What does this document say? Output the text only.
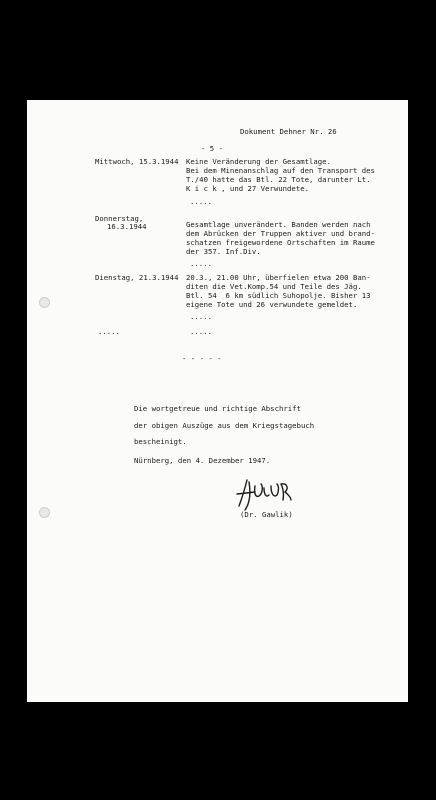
Dokument Dehner Nr. 26
- 5 -
Mittwoch, 15.3.1944 Keine Veränderung der Gesamtlage.
Bei dem Minenanschlag auf den Transport des
T./40 hatte das Btl. 22 Tote, darunter Lt.
K i c k , und 27 Verwundete.
.....
Donnerstag,
16.3.1944	Gesamtlage unverändert. Banden werden nach
dem Abrücken der Truppen aktiver und brand-
schatzen freigewordene Ortschaften im Raume
der 357. Inf.Div.
.....
Dienstag, 21.3.1944 20.3., 21.00 Uhr, überfielen etwa 200 Ban-
diten die Vet.Komp.54 und Teile des Jäg.
Btl. 54  6 km südlich Suhopolje. Bisher 13
eigene Tote und 26 verwundete gemeldet.
.....
.....	.....
- - - - -
Die wortgetreue und richtige Abschrift
der obigen Auszüge aus dem Kriegstagebuch
bescheinigt.
Nürnberg, den 4. Dezember 1947.
(Dr. Gawlik)
